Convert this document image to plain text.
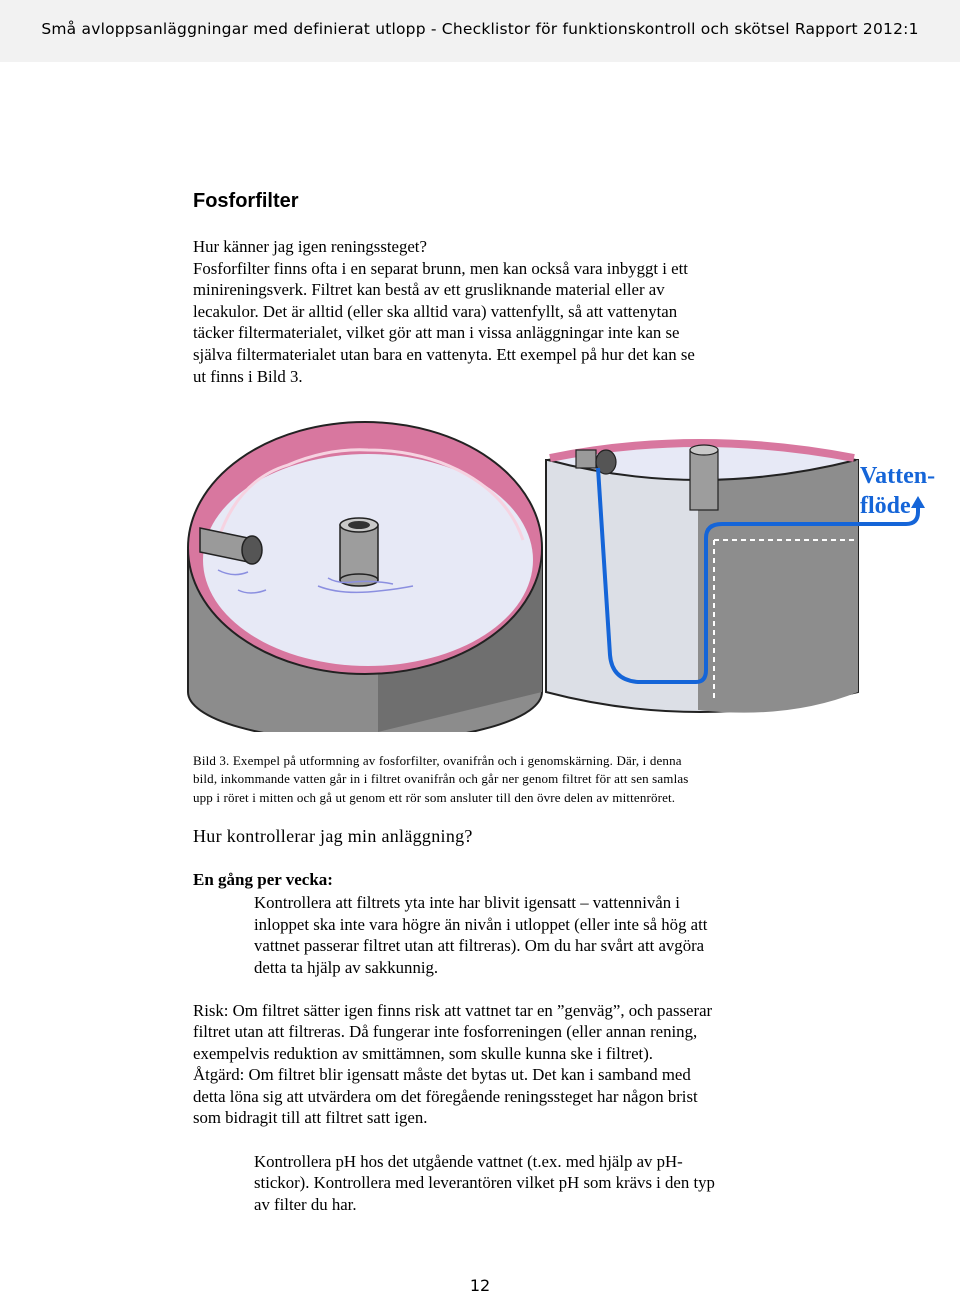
Små avloppsanläggningar med definierat utlopp - Checklistor för funktionskontroll och skötsel Rapport 2012:1
Fosforfilter
Hur känner jag igen reningssteget?
Fosforfilter finns ofta i en separat brunn, men kan också vara inbyggt i ett
minireningsverk. Filtret kan bestå av ett grusliknande material eller av
lecakulor. Det är alltid (eller ska alltid vara) vattenfyllt, så att vattenytan
täcker filtermaterialet, vilket gör att man i vissa anläggningar inte kan se
själva filtermaterialet utan bara en vattenyta. Ett exempel på hur det kan se
ut finns i Bild 3.
Vatten-
flöde
Bild 3. Exempel på utformning av fosforfilter, ovanifrån och i genomskärning. Där, i denna
bild, inkommande vatten går in i filtret ovanifrån och går ner genom filtret för att sen samlas
upp i röret i mitten och gå ut genom ett rör som ansluter till den övre delen av mittenröret.
Hur kontrollerar jag min anläggning?
En gång per vecka:
Kontrollera att filtrets yta inte har blivit igensatt – vattennivån i
inloppet ska inte vara högre än nivån i utloppet (eller inte så hög att
vattnet passerar filtret utan att filtreras). Om du har svårt att avgöra
detta ta hjälp av sakkunnig.
Risk: Om filtret sätter igen finns risk att vattnet tar en ”genväg”, och passerar
filtret utan att filtreras. Då fungerar inte fosforreningen (eller annan rening,
exempelvis reduktion av smittämnen, som skulle kunna ske i filtret).
Åtgärd: Om filtret blir igensatt måste det bytas ut. Det kan i samband med
detta löna sig att utvärdera om det föregående reningssteget har någon brist
som bidragit till att filtret satt igen.
Kontrollera pH hos det utgående vattnet (t.ex. med hjälp av pH-
stickor). Kontrollera med leverantören vilket pH som krävs i den typ
av filter du har.
12
